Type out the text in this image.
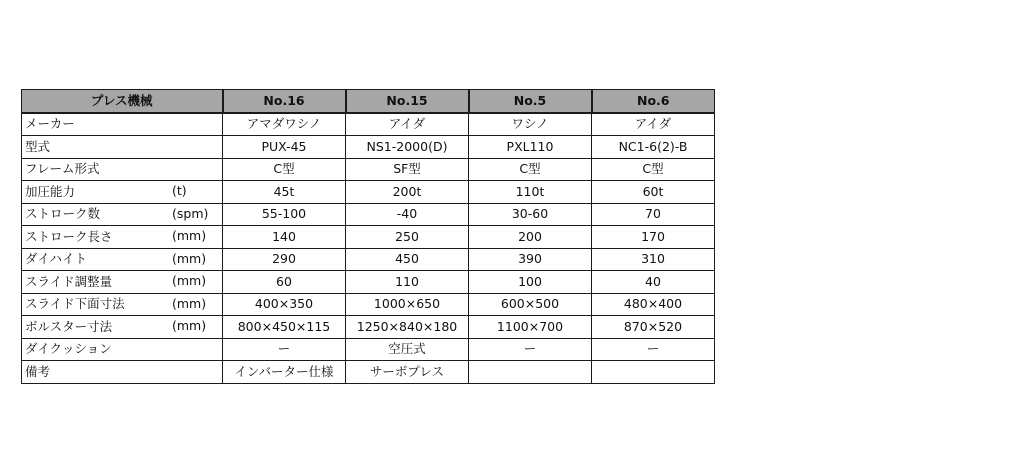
プレス機械	No.16	No.15	No.5	No.6
メーカー	アマダワシノ	アイダ	ワシノ	アイダ
型式	PUX-45	NS1-2000(D)	PXL110	NC1-6(2)-B
フレーム形式	C型	SF型	C型	C型
加圧能力 (t)	45t	200t	110t	60t
ストローク数 (spm)	55-100	-40	30-60	70
ストローク長さ (mm)	140	250	200	170
ダイハイト (mm)	290	450	390	310
スライド調整量 (mm)	60	110	100	40
スライド下面寸法 (mm)	400×350	1000×650	600×500	480×400
ボルスター寸法 (mm)	800×450×115	1250×840×180	1100×700	870×520
ダイクッション	ー	空圧式	ー	ー
備考	インバーター仕様	サーボプレス		
